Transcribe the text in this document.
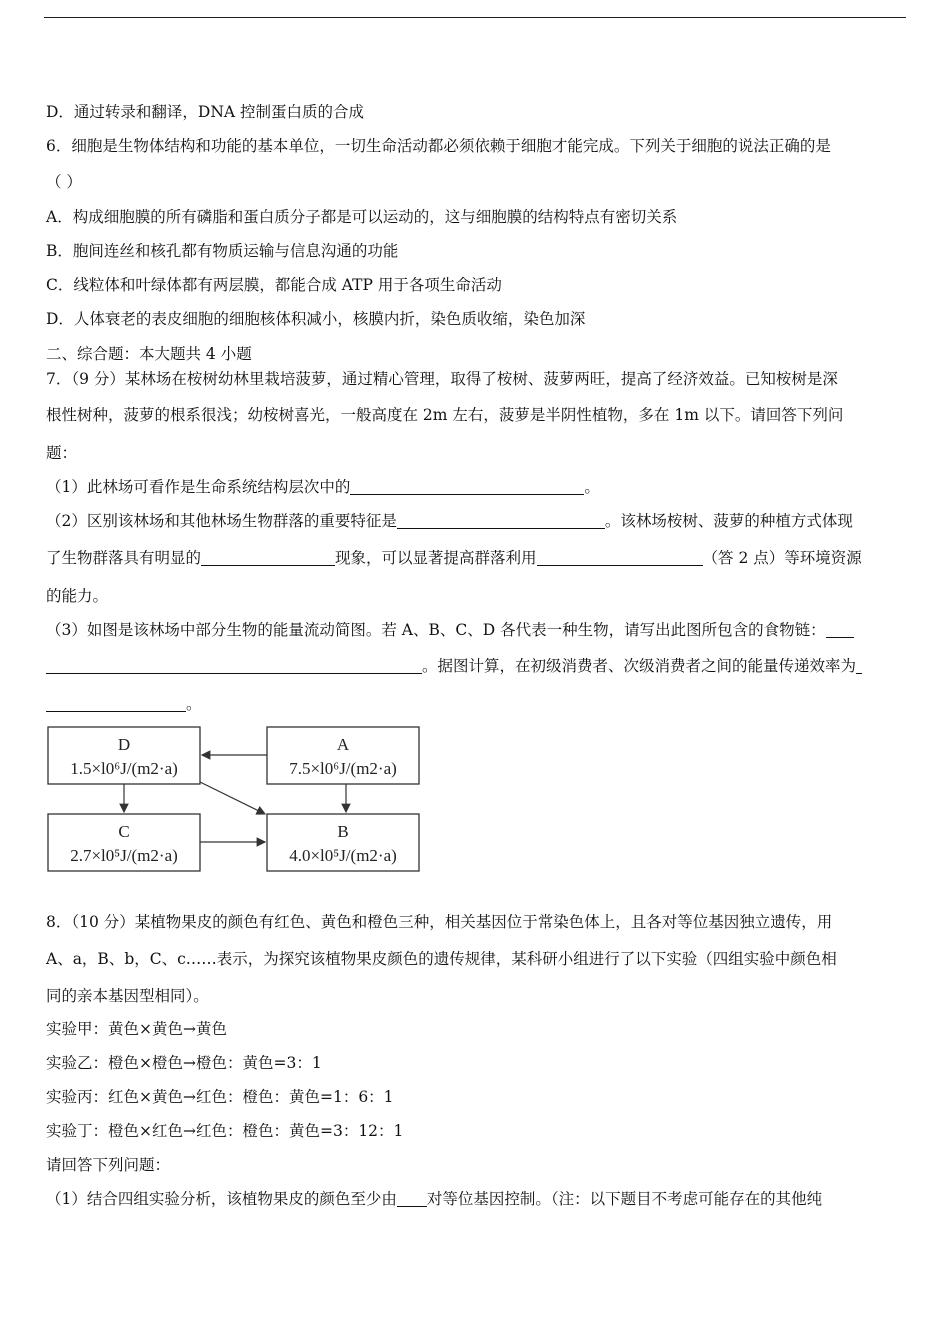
D．通过转录和翻译，DNA 控制蛋白质的合成
6．细胞是生物体结构和功能的基本单位，一切生命活动都必须依赖于细胞才能完成。下列关于细胞的说法正确的是
（ ）
A．构成细胞膜的所有磷脂和蛋白质分子都是可以运动的，这与细胞膜的结构特点有密切关系
B．胞间连丝和核孔都有物质运输与信息沟通的功能
C．线粒体和叶绿体都有两层膜，都能合成 ATP 用于各项生命活动
D．人体衰老的表皮细胞的细胞核体积减小，核膜内折，染色质收缩，染色加深
二、综合题：本大题共 4 小题
7．（9 分）某林场在桉树幼林里栽培菠萝，通过精心管理，取得了桉树、菠萝两旺，提高了经济效益。已知桉树是深
根性树种，菠萝的根系很浅；幼桉树喜光，一般高度在 2m 左右，菠萝是半阴性植物，多在 1m 以下。请回答下列问
题：
（1）此林场可看作是生命系统结构层次中的	。
（2）区别该林场和其他林场生物群落的重要特征是	。该林场桉树、菠萝的种植方式体现
了生物群落具有明显的	现象，可以显著提高群落利用	（答 2 点）等环境资源
的能力。
（3）如图是该林场中部分生物的能量流动简图。若 A、B、C、D 各代表一种生物，请写出此图所包含的食物链：
。据图计算，在初级消费者、次级消费者之间的能量传递效率为
。
D
1.5×l0⁶J/(m2·a)
A
7.5×l0⁶J/(m2·a)
C
2.7×l0⁵J/(m2·a)
B
4.0×l0⁵J/(m2·a)
8．（10 分）某植物果皮的颜色有红色、黄色和橙色三种，相关基因位于常染色体上，且各对等位基因独立遗传，用
A、a，B、b，C、c……表示，为探究该植物果皮颜色的遗传规律，某科研小组进行了以下实验（四组实验中颜色相
同的亲本基因型相同）。
实验甲：黄色×黄色→黄色
实验乙：橙色×橙色→橙色：黄色=3：1
实验丙：红色×黄色→红色：橙色：黄色=1：6：1
实验丁：橙色×红色→红色：橙色：黄色=3：12：1
请回答下列问题：
（1）结合四组实验分析，该植物果皮的颜色至少由 对等位基因控制。（注：以下题目不考虑可能存在的其他纯
